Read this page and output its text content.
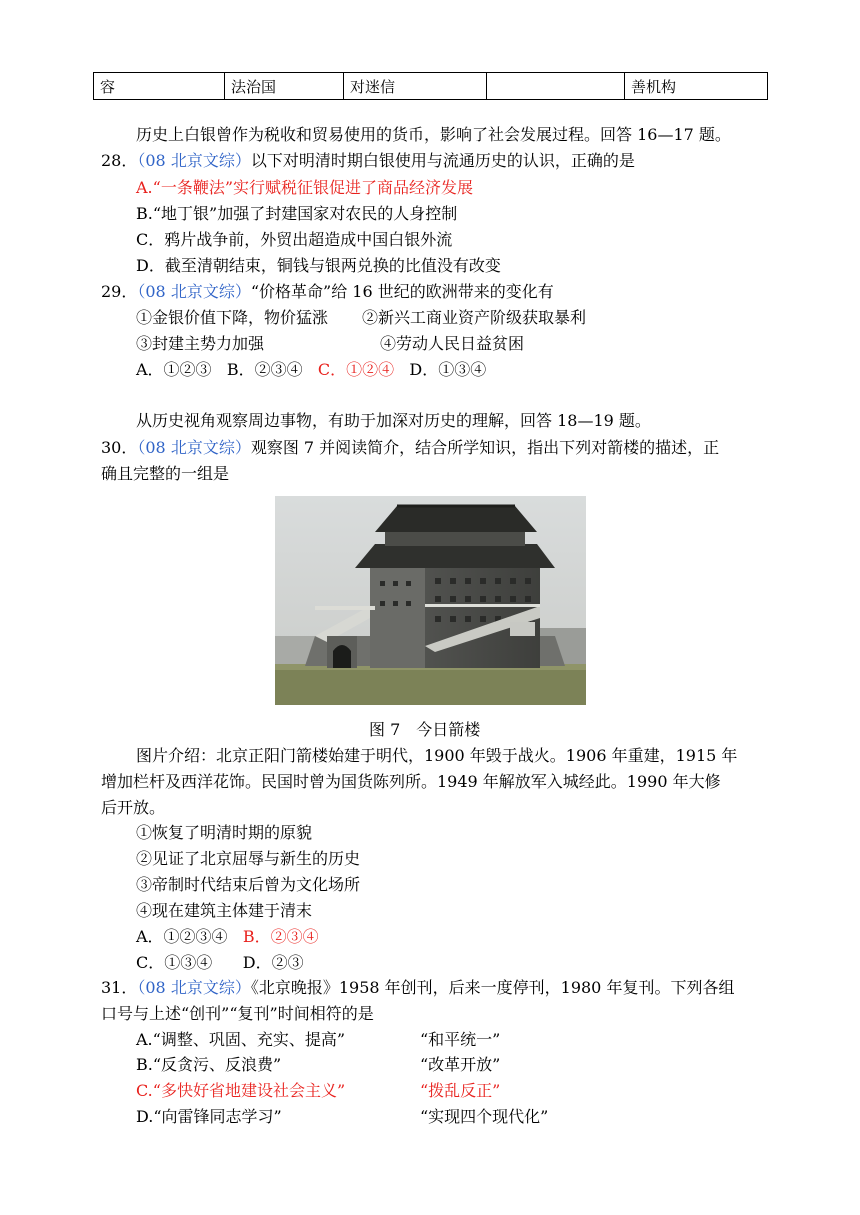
容	法治国	对迷信		善机构
历史上白银曾作为税收和贸易使用的货币，影响了社会发展过程。回答 16—17 题。
28．（08 北京文综）以下对明清时期白银使用与流通历史的认识，正确的是
A.“一条鞭法”实行赋税征银促进了商品经济发展
B.“地丁银”加强了封建国家对农民的人身控制
C．鸦片战争前，外贸出超造成中国白银外流
D．截至清朝结束，铜钱与银两兑换的比值没有改变
29．（08 北京文综）“价格革命”给 16 世纪的欧洲带来的变化有
①金银价值下降，物价猛涨 ②新兴工商业资产阶级获取暴利
③封建主势力加强	④劳动人民日益贫困
A．①②③ B．②③④ C．①②④ D．①③④
从历史视角观察周边事物，有助于加深对历史的理解，回答 18—19 题。
30．（08 北京文综）观察图 7 并阅读简介，结合所学知识，指出下列对箭楼的描述，正
确且完整的一组是
图 7　今日箭楼
图片介绍：北京正阳门箭楼始建于明代，1900 年毁于战火。1906 年重建，1915 年
增加栏杆及西洋花饰。民国时曾为国货陈列所。1949 年解放军入城经此。1990 年大修
后开放。
①恢复了明清时期的原貌
②见证了北京屈辱与新生的历史
③帝制时代结束后曾为文化场所
④现在建筑主体建于清末
A．①②③④ B．②③④
C．①③④ D．②③
31．（08 北京文综）《北京晚报》1958 年创刊，后来一度停刊，1980 年复刊。下列各组
口号与上述“创刊”“复刊”时间相符的是
A.“调整、巩固、充实、提高”	“和平统一”
B.“反贪污、反浪费”	“改革开放”
C.“多快好省地建设社会主义”	“拨乱反正”
D.“向雷锋同志学习”	“实现四个现代化”
